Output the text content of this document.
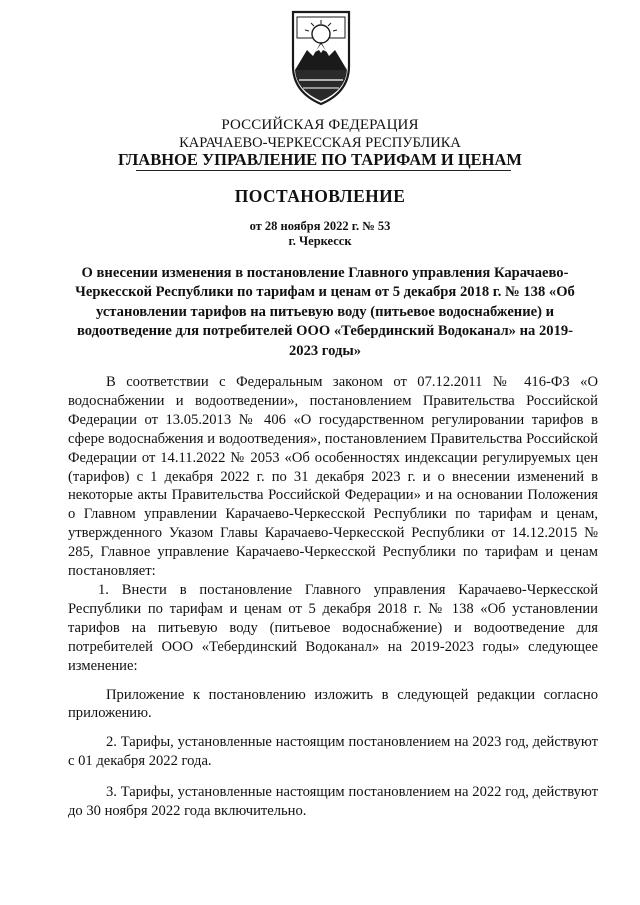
РОССИЙСКАЯ ФЕДЕРАЦИЯ
КАРАЧАЕВО-ЧЕРКЕССКАЯ РЕСПУБЛИКА
ГЛАВНОЕ УПРАВЛЕНИЕ ПО ТАРИФАМ И ЦЕНАМ
ПОСТАНОВЛЕНИЕ
от 28 ноября 2022 г. № 53
г. Черкесск
О внесении изменения в постановление Главного управления Карачаево-Черкесской Республики по тарифам и ценам от 5 декабря 2018 г. № 138 «Об установлении тарифов на питьевую воду (питьевое водоснабжение) и водоотведение для потребителей ООО «Тебердинский Водоканал» на 2019-2023 годы»

В соответствии с Федеральным законом от 07.12.2011 № 416-ФЗ «О водоснабжении и водоотведении», постановлением Правительства Российской Федерации от 13.05.2013 № 406 «О государственном регулировании тарифов в сфере водоснабжения и водоотведения», постановлением Правительства Российской Федерации от 14.11.2022 № 2053 «Об особенностях индексации регулируемых цен (тарифов) с 1 декабря 2022 г. по 31 декабря 2023 г. и о внесении изменений в некоторые акты Правительства Российской Федерации» и на основании Положения о Главном управлении Карачаево-Черкесской Республики по тарифам и ценам, утвержденного Указом Главы Карачаево-Черкесской Республики от 14.12.2015 № 285, Главное управление Карачаево-Черкесской Республики по тарифам и ценам постановляет:

1. Внести в постановление Главного управления Карачаево-Черкесской Республики по тарифам и ценам от 5 декабря 2018 г. № 138 «Об установлении тарифов на питьевую воду (питьевое водоснабжение) и водоотведение для потребителей ООО «Тебердинский Водоканал» на 2019-2023 годы» следующее изменение:

Приложение к постановлению изложить в следующей редакции согласно приложению.

2. Тарифы, установленные настоящим постановлением на 2023 год, действуют с 01 декабря 2022 года.

3. Тарифы, установленные настоящим постановлением на 2022 год, действуют до 30 ноября 2022 года включительно.
